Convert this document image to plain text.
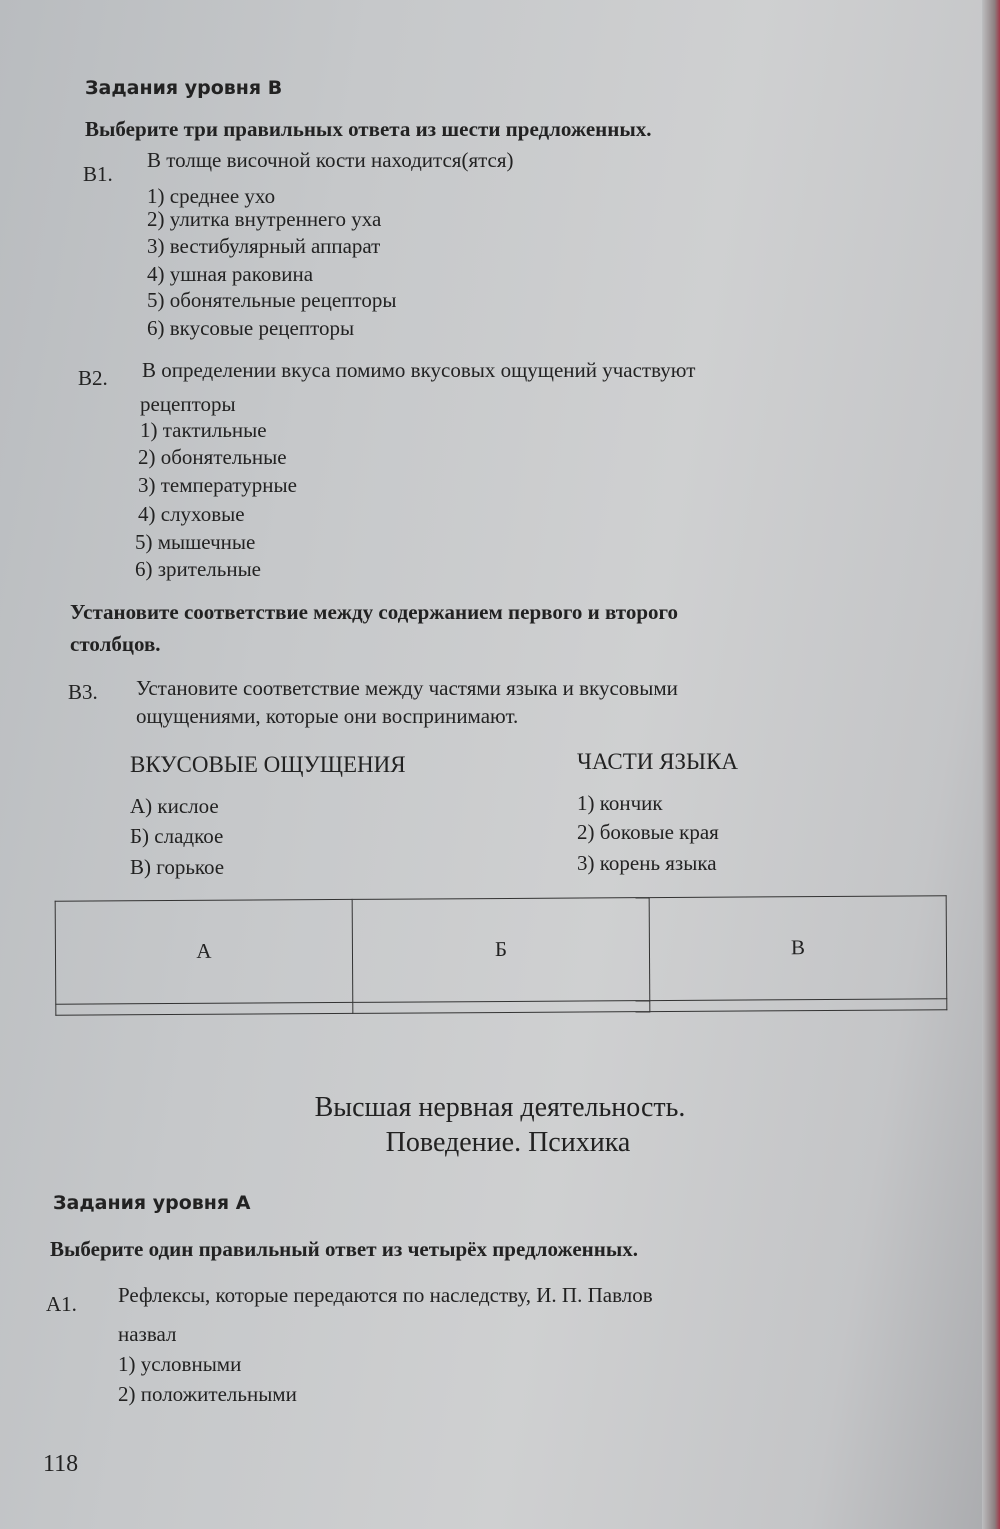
Задания уровня В
Выберите три правильных ответа из шести предложенных.
В1.
В толще височной кости находится(ятся)
1) среднее ухо
2) улитка внутреннего уха
3) вестибулярный аппарат
4) ушная раковина
5) обонятельные рецепторы
6) вкусовые рецепторы
В2. В определении вкуса помимо вкусовых ощущений участвуют
рецепторы
1) тактильные
2) обонятельные
3) температурные
4) слуховые
5) мышечные
6) зрительные
Установите соответствие между содержанием первого и второго
столбцов.
В3. Установите соответствие между частями языка и вкусовыми
ощущениями, которые они воспринимают.
ВКУСОВЫЕ ОЩУЩЕНИЯ
А) кислое
Б) сладкое
В) горькое
ЧАСТИ ЯЗЫКА
1) кончик
2) боковые края
3) корень языка
А	Б	В

Высшая нервная деятельность.
Поведение. Психика
Задания уровня А
Выберите один правильный ответ из четырёх предложенных.
А1. Рефлексы, которые передаются по наследству, И. П. Павлов
назвал
1) условными
2) положительными
118
